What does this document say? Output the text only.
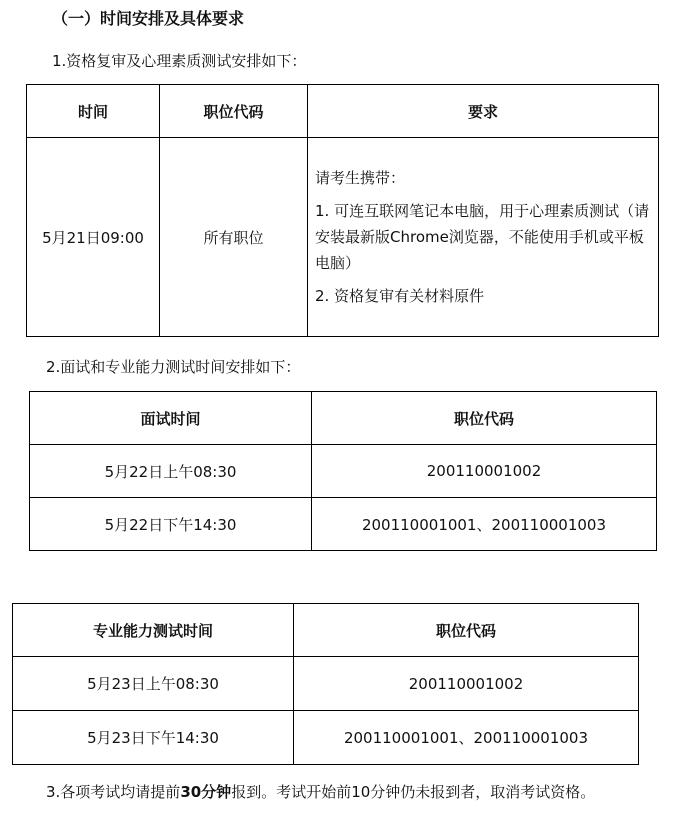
（一）时间安排及具体要求
1.资格复审及心理素质测试安排如下：
时间	职位代码	要求
5月21日09:00	所有职位	请考生携带：

1. 可连互联网笔记本电脑，用于心理素质测试（请安装最新版Chrome浏览器，不能使用手机或平板电脑）

2. 资格复审有关材料原件

2.面试和专业能力测试时间安排如下：
面试时间	职位代码
5月22日上午08:30	200110001002
5月22日下午14:30	200110001001、200110001003
专业能力测试时间	职位代码
5月23日上午08:30	200110001002
5月23日下午14:30	200110001001、200110001003
3.各项考试均请提前30分钟报到。考试开始前10分钟仍未报到者，取消考试资格。
